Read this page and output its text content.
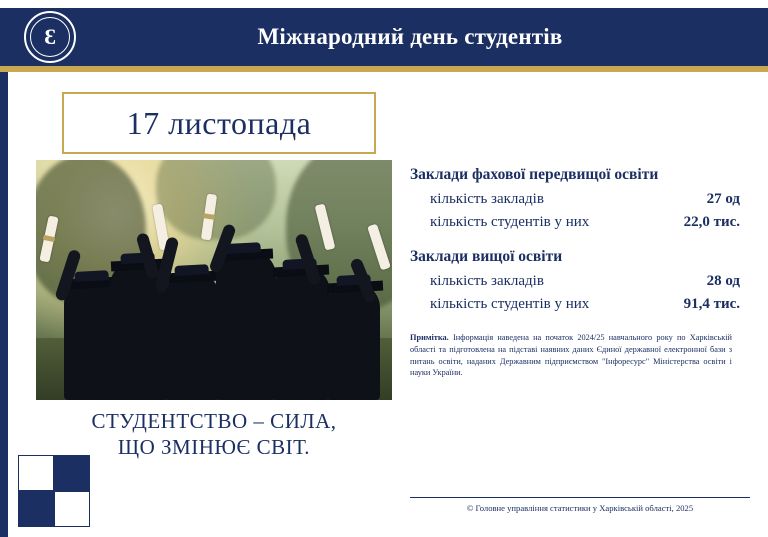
Ɛ	Міжнародний день студентів
17 листопада
СТУДЕНТСТВО – СИЛА,
ЩО ЗМІНЮЄ СВІТ.
Заклади фахової передвищої освіти
кількість закладів	27 од
кількість студентів у них	22,0 тис.
Заклади вищої освіти
кількість закладів	28 од
кількість студентів у них	91,4 тис.
Примітка. Інформація наведена на початок 2024/25 навчального року по Харківській області та підготовлена на підставі наявних даних Єдиної державної електронної бази з питань освіти, наданих Державним підприємством "Інфоресурс" Міністерства освіти і науки України.
© Головне управління статистики у Харківській області, 2025
